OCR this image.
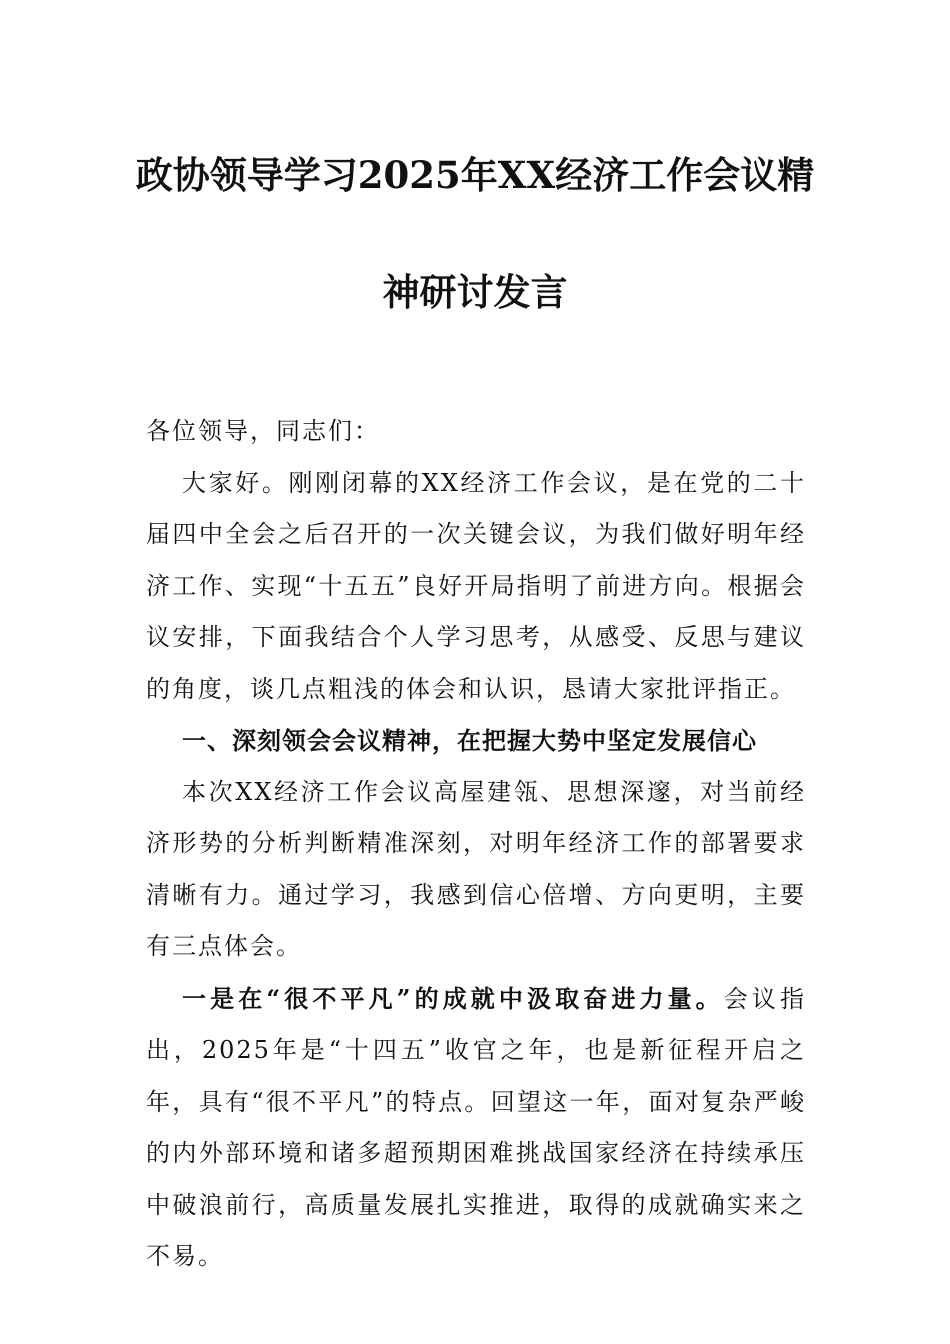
政协领导学习2025年XX经济工作会议精
神研讨发言

各位领导，同志们：

大家好。刚刚闭幕的XX经济工作会议，是在党的二十届四中全会之后召开的一次关键会议，为我们做好明年经济工作、实现“十五五”良好开局指明了前进方向。根据会议安排，下面我结合个人学习思考，从感受、反思与建议的角度，谈几点粗浅的体会和认识，恳请大家批评指正。

一、深刻领会会议精神，在把握大势中坚定发展信心

本次XX经济工作会议高屋建瓴、思想深邃，对当前经济形势的分析判断精准深刻，对明年经济工作的部署要求清晰有力。通过学习，我感到信心倍增、方向更明，主要有三点体会。

一是在“很不平凡”的成就中汲取奋进力量。会议指出，2025年是“十四五”收官之年，也是新征程开启之年，具有“很不平凡”的特点。回望这一年，面对复杂严峻的内外部环境和诸多超预期困难挑战国家经济在持续承压中破浪前行，高质量发展扎实推进，取得的成就确实来之不易。
